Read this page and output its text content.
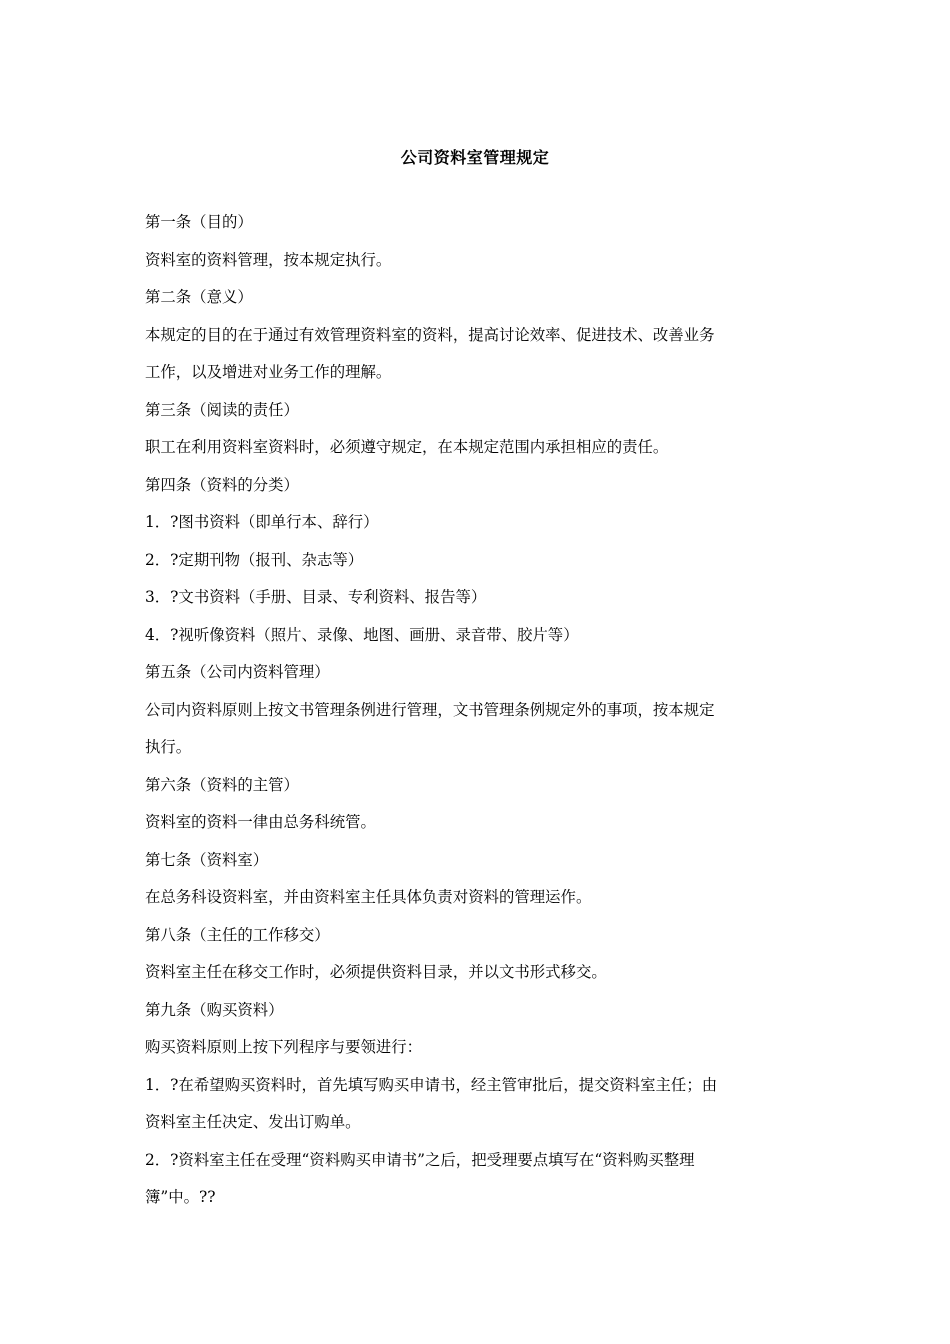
公司资料室管理规定
第一条（目的）
资料室的资料管理，按本规定执行。
第二条（意义）
本规定的目的在于通过有效管理资料室的资料，提高讨论效率、促进技术、改善业务
工作，以及增进对业务工作的理解。
第三条（阅读的责任）
职工在利用资料室资料时，必须遵守规定，在本规定范围内承担相应的责任。
第四条（资料的分类）
1．?图书资料（即单行本、辞行）
2．?定期刊物（报刊、杂志等）
3．?文书资料（手册、目录、专利资料、报告等）
4．?视听像资料（照片、录像、地图、画册、录音带、胶片等）
第五条（公司内资料管理）
公司内资料原则上按文书管理条例进行管理，文书管理条例规定外的事项，按本规定
执行。
第六条（资料的主管）
资料室的资料一律由总务科统管。
第七条（资料室）
在总务科设资料室，并由资料室主任具体负责对资料的管理运作。
第八条（主任的工作移交）
资料室主任在移交工作时，必须提供资料目录，并以文书形式移交。
第九条（购买资料）
购买资料原则上按下列程序与要领进行：
1．?在希望购买资料时，首先填写购买申请书，经主管审批后，提交资料室主任；由
资料室主任决定、发出订购单。
2．?资料室主任在受理“资料购买申请书”之后，把受理要点填写在“资料购买整理
簿”中。??
